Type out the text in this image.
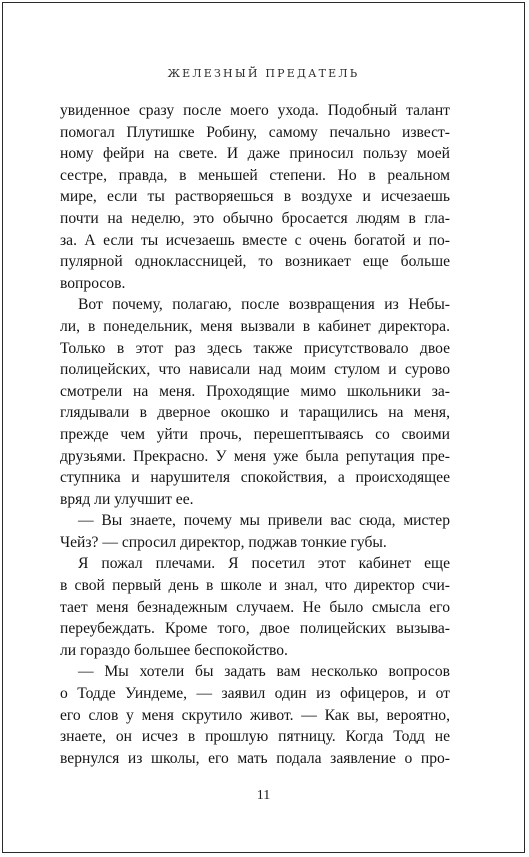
ЖЕЛЕЗНЫЙ ПРЕДАТЕЛЬ
увиденное сразу после моего ухода. Подобный талант
помогал Плутишке Робину, самому печально извест-
ному фейри на свете. И даже приносил пользу моей
сестре, правда, в меньшей степени. Но в реальном
мире, если ты растворяешься в воздухе и исчезаешь
почти на неделю, это обычно бросается людям в гла-
за. А если ты исчезаешь вместе с очень богатой и по-
пулярной одноклассницей, то возникает еще больше
вопросов.
Вот почему, полагаю, после возвращения из Небы-
ли, в понедельник, меня вызвали в кабинет директора.
Только в этот раз здесь также присутствовало двое
полицейских, что нависали над моим стулом и сурово
смотрели на меня. Проходящие мимо школьники за-
глядывали в дверное окошко и таращились на меня,
прежде чем уйти прочь, перешептываясь со своими
друзьями. Прекрасно. У меня уже была репутация пре-
ступника и нарушителя спокойствия, а происходящее
вряд ли улучшит ее.
— Вы знаете, почему мы привели вас сюда, мистер
Чейз? — спросил директор, поджав тонкие губы.
Я пожал плечами. Я посетил этот кабинет еще
в свой первый день в школе и знал, что директор счи-
тает меня безнадежным случаем. Не было смысла его
переубеждать. Кроме того, двое полицейских вызыва-
ли гораздо большее беспокойство.
— Мы хотели бы задать вам несколько вопросов
о Тодде Уиндеме, — заявил один из офицеров, и от
его слов у меня скрутило живот. — Как вы, вероятно,
знаете, он исчез в прошлую пятницу. Когда Тодд не
вернулся из школы, его мать подала заявление о про-
11
